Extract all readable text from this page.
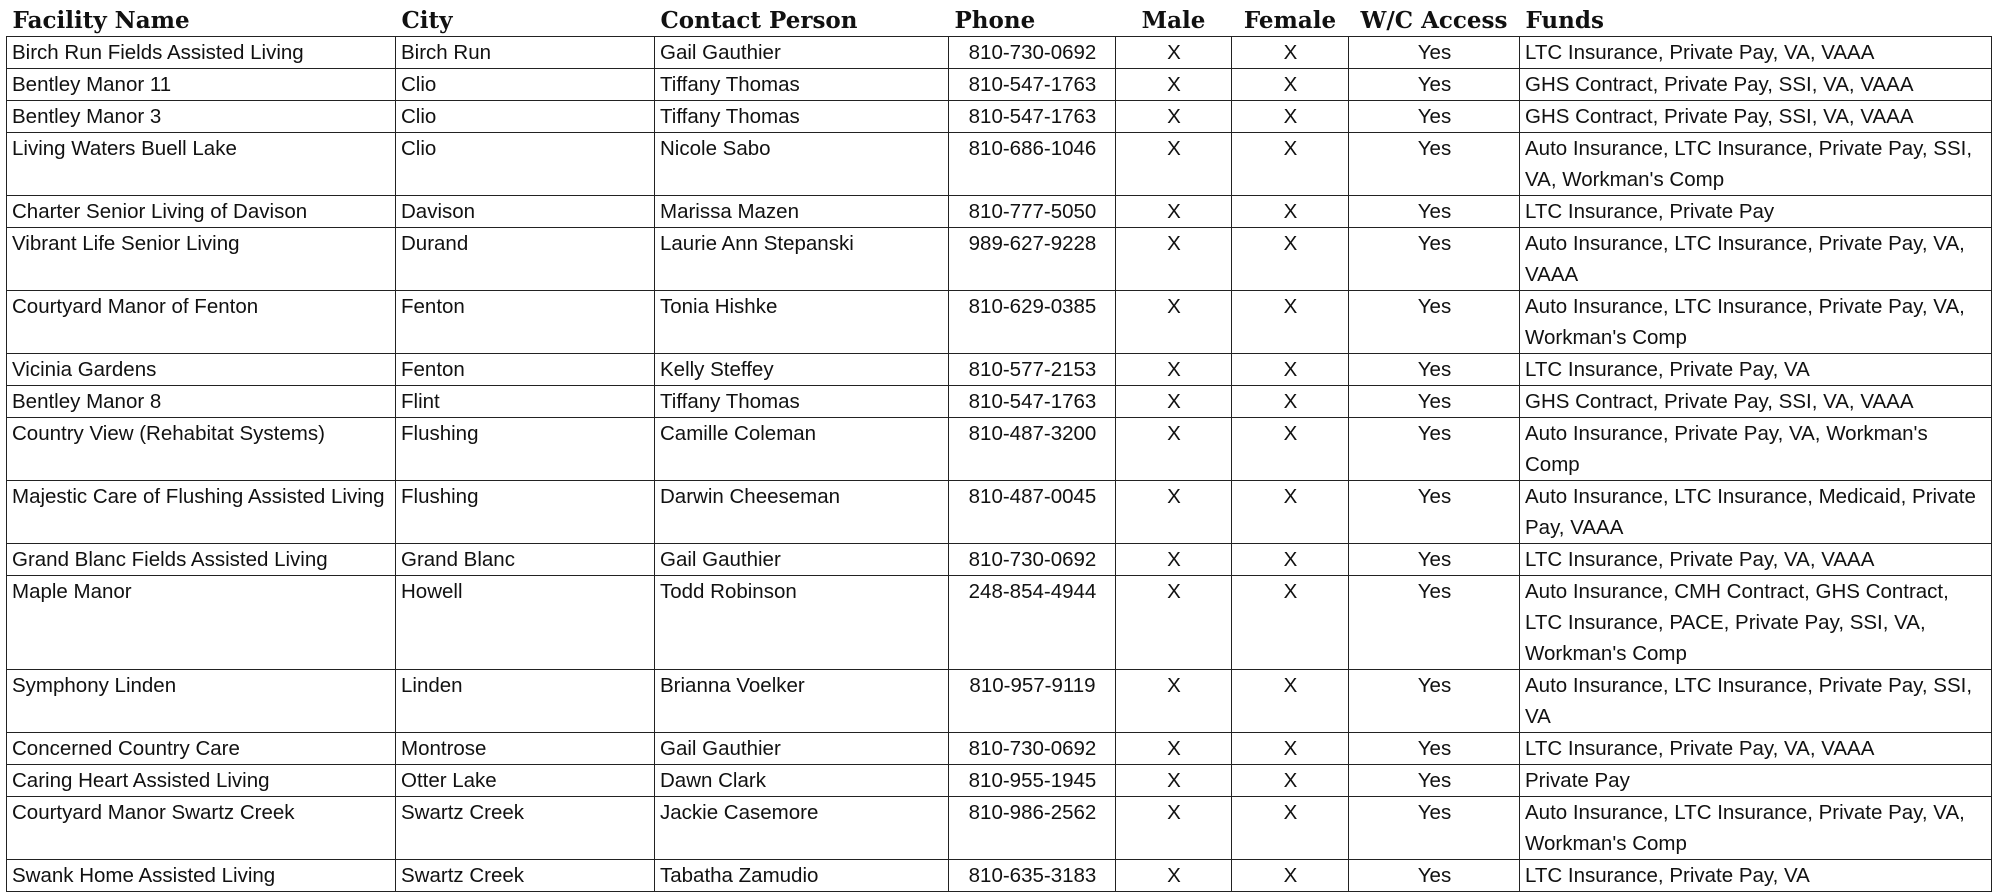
Facility Name	City	Contact Person	Phone	Male	Female	W/C Access	Funds
Birch Run Fields Assisted Living	Birch Run	Gail Gauthier	810-730-0692	X	X	Yes	LTC Insurance, Private Pay, VA, VAAA
Bentley Manor 11	Clio	Tiffany Thomas	810-547-1763	X	X	Yes	GHS Contract, Private Pay, SSI, VA, VAAA
Bentley Manor 3	Clio	Tiffany Thomas	810-547-1763	X	X	Yes	GHS Contract, Private Pay, SSI, VA, VAAA
Living Waters Buell Lake	Clio	Nicole Sabo	810-686-1046	X	X	Yes	Auto Insurance, LTC Insurance, Private Pay, SSI, VA, Workman's Comp
Charter Senior Living of Davison	Davison	Marissa Mazen	810-777-5050	X	X	Yes	LTC Insurance, Private Pay
Vibrant Life Senior Living	Durand	Laurie Ann Stepanski	989-627-9228	X	X	Yes	Auto Insurance, LTC Insurance, Private Pay, VA, VAAA
Courtyard Manor of Fenton	Fenton	Tonia Hishke	810-629-0385	X	X	Yes	Auto Insurance, LTC Insurance, Private Pay, VA, Workman's Comp
Vicinia Gardens	Fenton	Kelly Steffey	810-577-2153	X	X	Yes	LTC Insurance, Private Pay, VA
Bentley Manor 8	Flint	Tiffany Thomas	810-547-1763	X	X	Yes	GHS Contract, Private Pay, SSI, VA, VAAA
Country View (Rehabitat Systems)	Flushing	Camille Coleman	810-487-3200	X	X	Yes	Auto Insurance, Private Pay, VA, Workman's Comp
Majestic Care of Flushing Assisted Living	Flushing	Darwin Cheeseman	810-487-0045	X	X	Yes	Auto Insurance, LTC Insurance, Medicaid, Private Pay, VAAA
Grand Blanc Fields Assisted Living	Grand Blanc	Gail Gauthier	810-730-0692	X	X	Yes	LTC Insurance, Private Pay, VA, VAAA
Maple Manor	Howell	Todd Robinson	248-854-4944	X	X	Yes	Auto Insurance, CMH Contract, GHS Contract, LTC Insurance, PACE, Private Pay, SSI, VA, Workman's Comp
Symphony Linden	Linden	Brianna Voelker	810-957-9119	X	X	Yes	Auto Insurance, LTC Insurance, Private Pay, SSI, VA
Concerned Country Care	Montrose	Gail Gauthier	810-730-0692	X	X	Yes	LTC Insurance, Private Pay, VA, VAAA
Caring Heart Assisted Living	Otter Lake	Dawn Clark	810-955-1945	X	X	Yes	Private Pay
Courtyard Manor Swartz Creek	Swartz Creek	Jackie Casemore	810-986-2562	X	X	Yes	Auto Insurance, LTC Insurance, Private Pay, VA, Workman's Comp
Swank Home Assisted Living	Swartz Creek	Tabatha Zamudio	810-635-3183	X	X	Yes	LTC Insurance, Private Pay, VA
